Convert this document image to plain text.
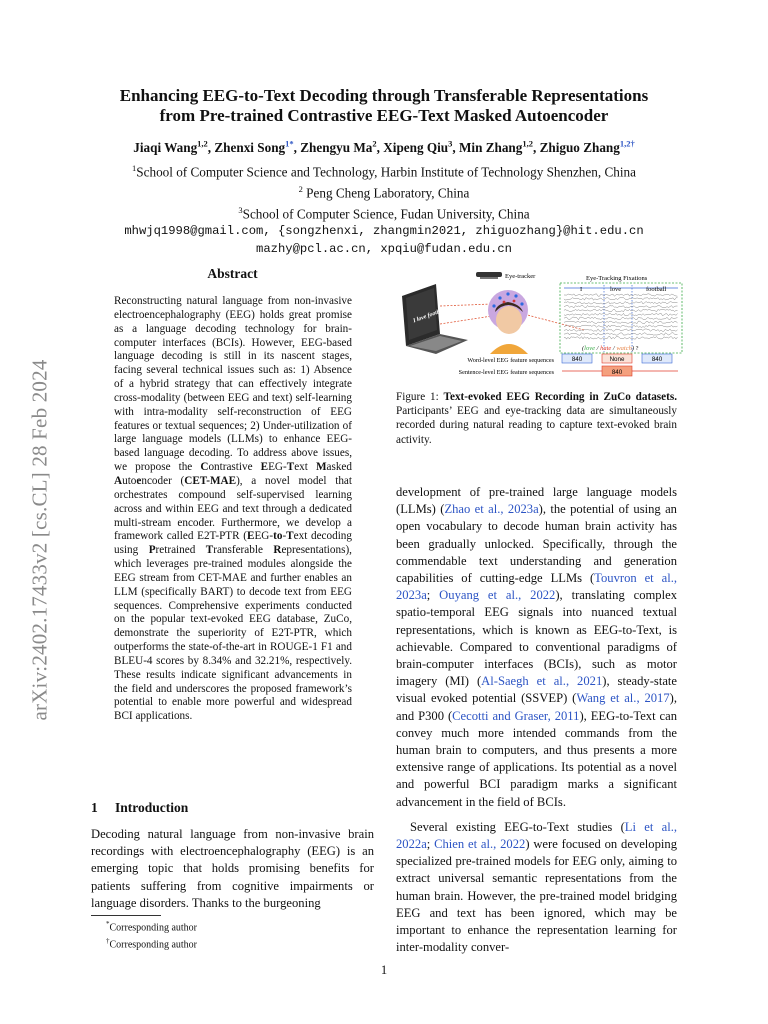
arXiv:2402.17433v2 [cs.CL] 28 Feb 2024
Enhancing EEG-to-Text Decoding through Transferable Representations
from Pre-trained Contrastive EEG-Text Masked Autoencoder
Jiaqi Wang$^{1,2}$, Zhenxi Song$^{1*}$, Zhengyu Ma$^2$, Xipeng Qiu$^3$, Min Zhang$^{1,2}$, Zhiguo Zhang$^{1,2\dagger}$
$^1$School of Computer Science and Technology, Harbin Institute of Technology Shenzhen, China
$^2$ Peng Cheng Laboratory, China
$^3$School of Computer Science, Fudan University, China
mhwjq1998@gmail.com, {songzhenxi, zhangmin2021, zhiguozhang}@hit.edu.cn
mazhy@pcl.ac.cn, xpqiu@fudan.edu.cn
Abstract
Reconstructing natural language from non-invasive electroencephalography (EEG) holds great promise as a language decoding technology for brain-computer interfaces (BCIs). However, EEG-based language decoding is still in its nascent stages, facing several technical issues such as: 1) Absence of a hybrid strategy that can effectively integrate cross-modality (between EEG and text) self-learning with intra-modality self-reconstruction of EEG features or textual sequences; 2) Under-utilization of large language models (LLMs) to enhance EEG-based language decoding. To address above issues, we propose the Contrastive EEG-Text Masked Autoencoder (CET-MAE), a novel model that orchestrates compound self-supervised learning across and within EEG and text through a dedicated multi-stream encoder. Furthermore, we develop a framework called E2T-PTR (EEG-to-Text decoding using Pretrained Transferable Representations), which leverages pre-trained modules alongside the EEG stream from CET-MAE and further enables an LLM (specifically BART) to decode text from EEG sequences. Comprehensive experiments conducted on the popular text-evoked EEG database, ZuCo, demonstrate the superiority of E2T-PTR, which outperforms the state-of-the-art in ROUGE-1 F1 and BLEU-4 scores by 8.34% and 32.21%, respectively. These results indicate significant advancements in the field and underscores the proposed framework’s potential to enable more powerful and widespread BCI applications.
1 Introduction
Decoding natural language from non-invasive brain recordings with electroencephalography (EEG) is an emerging topic that holds promising benefits for patients suffering from cognitive impairments or language disorders. Thanks to the burgeoning
*Corresponding author
†Corresponding author
Eye-tracker
I love football
Eye-Tracking Fixations
I	love	football
(love / hate / watch) ?
Word-level EEG feature sequences	840	None	840
Sentence-level EEG feature sequences	840
Figure 1: Text-evoked EEG Recording in ZuCo datasets. Participants’ EEG and eye-tracking data are simultaneously recorded during natural reading to capture text-evoked brain activity.

development of pre-trained large language models (LLMs) (Zhao et al., 2023a), the potential of using an open vocabulary to decode human brain activity has been gradually unlocked. Specifically, through the commendable text understanding and generation capabilities of cutting-edge LLMs (Touvron et al., 2023a; Ouyang et al., 2022), translating complex spatio-temporal EEG signals into nuanced textual representations, which is known as EEG-to-Text, is achievable. Compared to conventional paradigms of brain-computer interfaces (BCIs), such as motor imagery (MI) (Al-Saegh et al., 2021), steady-state visual evoked potential (SSVEP) (Wang et al., 2017), and P300 (Cecotti and Graser, 2011), EEG-to-Text can convey much more intended commands from the human brain to computers, and thus presents a more extensive range of applications. Its potential as a novel and powerful BCI paradigm marks a significant advancement in the field of BCIs.

Several existing EEG-to-Text studies (Li et al., 2022a; Chien et al., 2022) were focused on developing specialized pre-trained models for EEG only, aiming to extract universal semantic representations from the human brain. However, the pre-trained model bridging EEG and text has been ignored, which may be important to enhance the representation learning for inter-modality conver-

1
